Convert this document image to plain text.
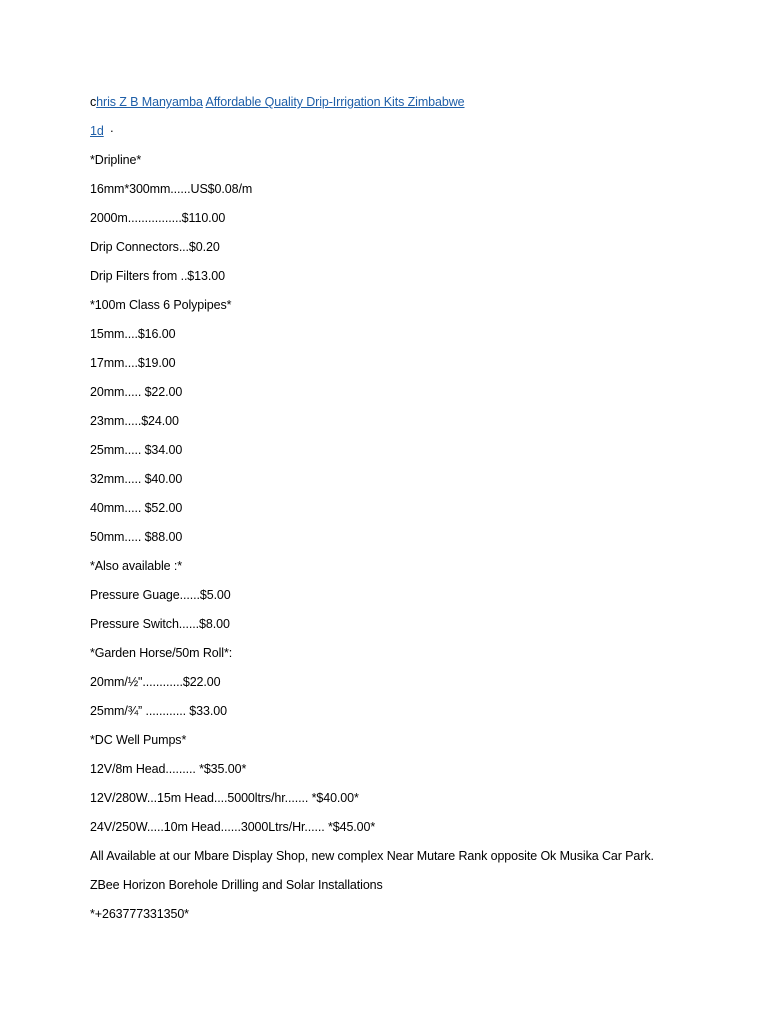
chris Z B Manyamba Affordable Quality Drip-Irrigation Kits Zimbabwe
1d ·
*Dripline*
16mm*300mm......US$0.08/m
2000m................$110.00
Drip Connectors...$0.20
Drip Filters from ..$13.00
*100m Class 6 Polypipes*
15mm....$16.00
17mm....$19.00
20mm..... $22.00
23mm.....$24.00
25mm..... $34.00
32mm..... $40.00
40mm..... $52.00
50mm..... $88.00
*Also available :*
Pressure Guage......$5.00
Pressure Switch......$8.00
*Garden Horse/50m Roll*:
20mm/½"............$22.00
25mm/¾” ............ $33.00
*DC Well Pumps*
12V/8m Head......... *$35.00*
12V/280W...15m Head....5000ltrs/hr....... *$40.00*
24V/250W.....10m Head......3000Ltrs/Hr...... *$45.00*
All Available at our Mbare Display Shop, new complex Near Mutare Rank opposite Ok Musika Car Park.
ZBee Horizon Borehole Drilling and Solar Installations
*+263777331350*
